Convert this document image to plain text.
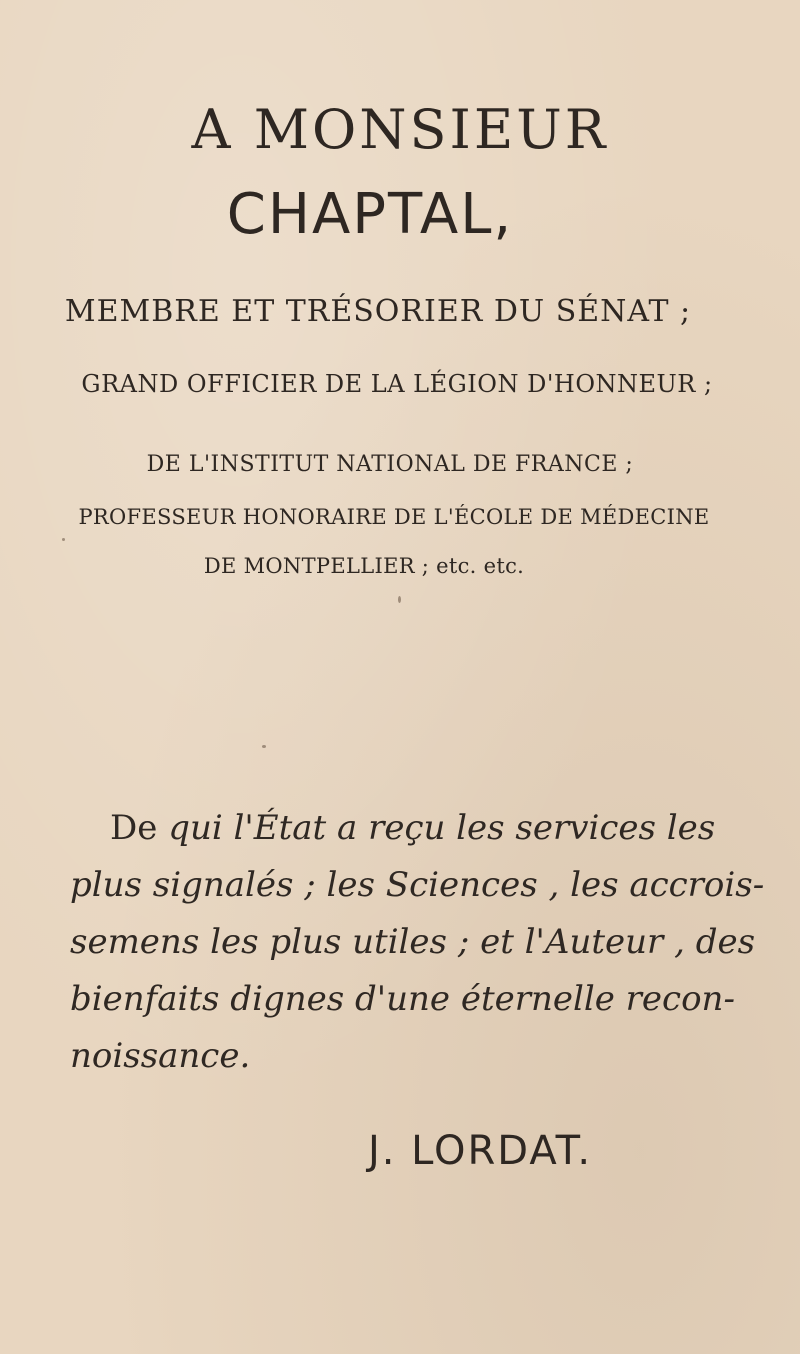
A MONSIEUR
CHAPTAL,
MEMBRE ET TRÉSORIER DU SÉNAT ;
GRAND OFFICIER DE LA LÉGION D'HONNEUR ;
DE L'INSTITUT NATIONAL DE FRANCE ;
PROFESSEUR HONORAIRE DE L'ÉCOLE DE MÉDECINE
DE MONTPELLIER ; etc. etc.
De qui l'État a reçu les services les
plus signalés ; les Sciences , les accrois-
semens les plus utiles ; et l'Auteur , des
bienfaits dignes d'une éternelle recon-
noissance.
J. LORDAT.
